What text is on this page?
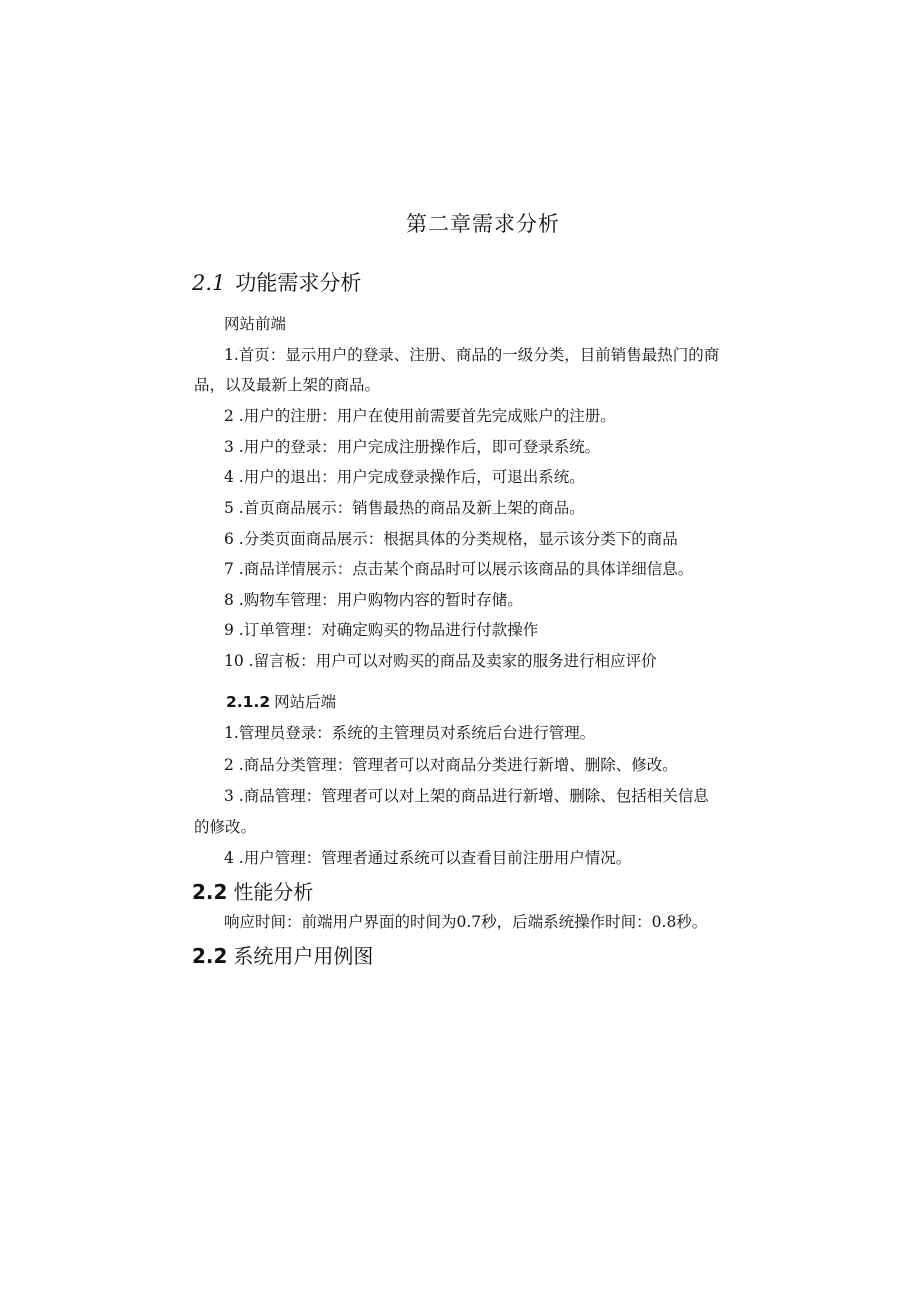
第二章需求分析
2.1 功能需求分析
网站前端
1.首页：显示用户的登录、注册、商品的一级分类，目前销售最热门的商
品，以及最新上架的商品。
2 .用户的注册：用户在使用前需要首先完成账户的注册。
3 .用户的登录：用户完成注册操作后，即可登录系统。
4 .用户的退出：用户完成登录操作后，可退出系统。
5 .首页商品展示：销售最热的商品及新上架的商品。
6 .分类页面商品展示：根据具体的分类规格，显示该分类下的商品
7 .商品详情展示：点击某个商品时可以展示该商品的具体详细信息。
8 .购物车管理：用户购物内容的暂时存储。
9 .订单管理：对确定购买的物品进行付款操作
10 .留言板：用户可以对购买的商品及卖家的服务进行相应评价
2.1.2 网站后端
1.管理员登录：系统的主管理员对系统后台进行管理。
2 .商品分类管理：管理者可以对商品分类进行新增、删除、修改。
3 .商品管理：管理者可以对上架的商品进行新增、删除、包括相关信息
的修改。
4 .用户管理：管理者通过系统可以查看目前注册用户情况。
2.2 性能分析
响应时间：前端用户界面的时间为0.7秒，后端系统操作时间：0.8秒。
2.2 系统用户用例图
